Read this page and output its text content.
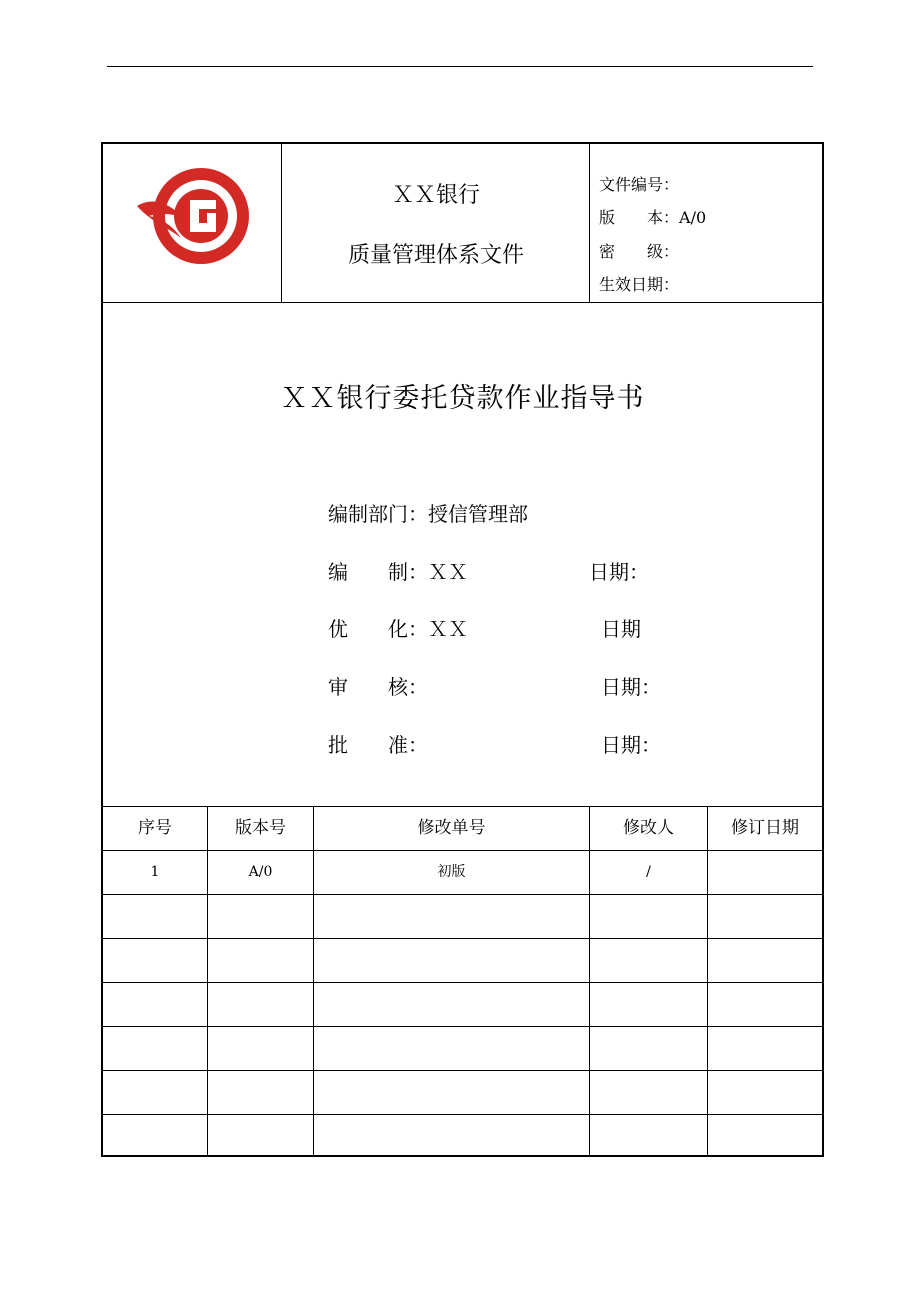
ＸＸ银行
质量管理体系文件
文件编号：
版　　本：A/0
密　　级：
生效日期：
ＸＸ银行委托贷款作业指导书
编制部门：授信管理部
编　　制：ＸＸ	日期：
优　　化：ＸＸ	日期
审　　核：	日期：
批　　准：	日期：
序号	版本号	修改单号	修改人	修订日期
1	A/0	初版	/
